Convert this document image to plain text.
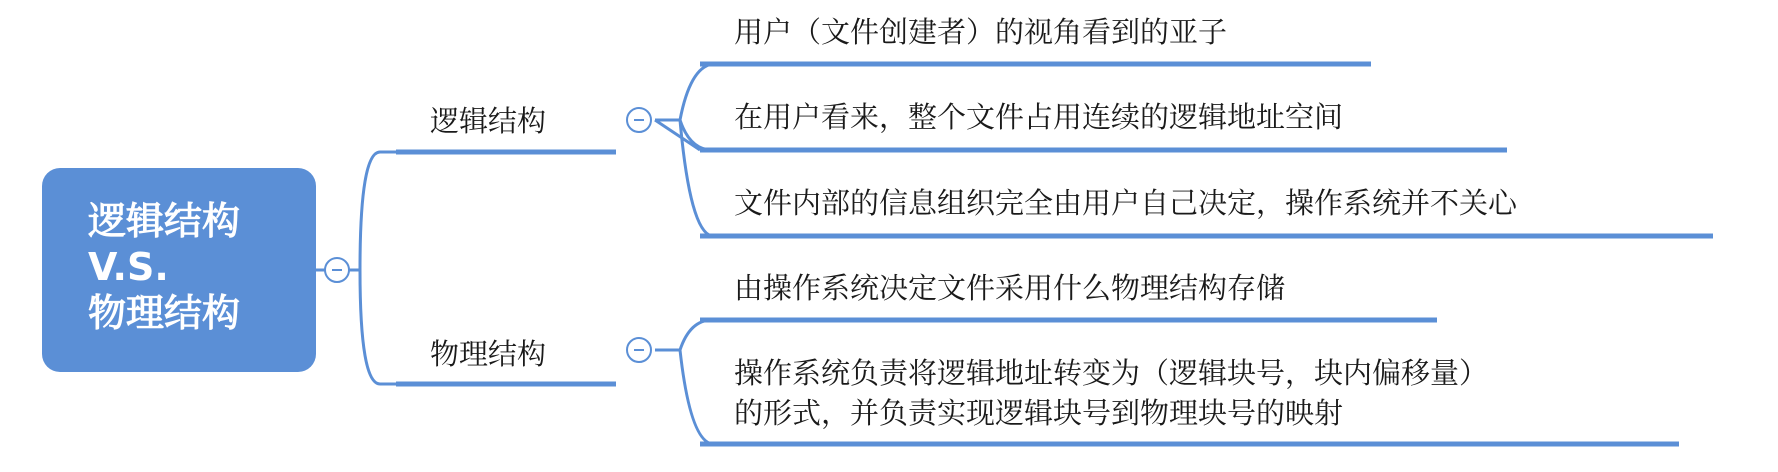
逻辑结构
V.S.
物理结构
逻辑结构
物理结构
用户（文件创建者）的视角看到的亚子
在用户看来，整个文件占用连续的逻辑地址空间
文件内部的信息组织完全由用户自己决定，操作系统并不关心
由操作系统决定文件采用什么物理结构存储
操作系统负责将逻辑地址转变为（逻辑块号，块内偏移量）
的形式，并负责实现逻辑块号到物理块号的映射
